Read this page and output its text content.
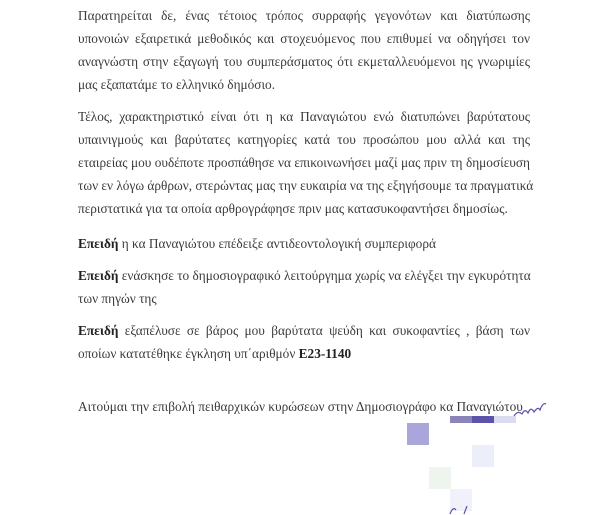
Παρατηρείται δε, ένας τέτοιος τρόπος συρραφής γεγονότων και διατύπωσης
υπονοιών εξαιρετικά μεθοδικός και στοχευόμενος που επιθυμεί να οδηγήσει τον
αναγνώστη στην εξαγωγή του συμπεράσματος ότι εκμεταλλευόμενοι ης γνωριμίες
μας εξαπατάμε το ελληνικό δημόσιο.
Τέλος, χαρακτηριστικό είναι ότι η κα Παναγιώτου ενώ διατυπώνει βαρύτατους
υπαινιγμούς και βαρύτατες κατηγορίες κατά του προσώπου μου αλλά και της
εταιρείας μου ουδέποτε προσπάθησε να επικοινωνήσει μαζί μας πριν τη δημοσίευση
των εν λόγω άρθρων, στερώντας μας την ευκαιρία να της εξηγήσουμε τα πραγματικά
περιστατικά για τα οποία αρθρογράφησε πριν μας κατασυκοφαντήσει δημοσίως.
Επειδή η κα Παναγιώτου επέδειξε αντιδεοντολογική συμπεριφορά
Επειδή ενάσκησε το δημοσιογραφικό λειτούργημα χωρίς να ελέγξει την εγκυρότητα
των πηγών της
Επειδή εξαπέλυσε σε βάρος μου βαρύτατα ψεύδη και συκοφαντίες , βάση των
οποίων κατατέθηκε έγκληση υπ΄αριθμόν E23-1140
Αιτούμαι την επιβολή πειθαρχικών κυρώσεων στην Δημοσιογράφο κα Παναγιώτου
